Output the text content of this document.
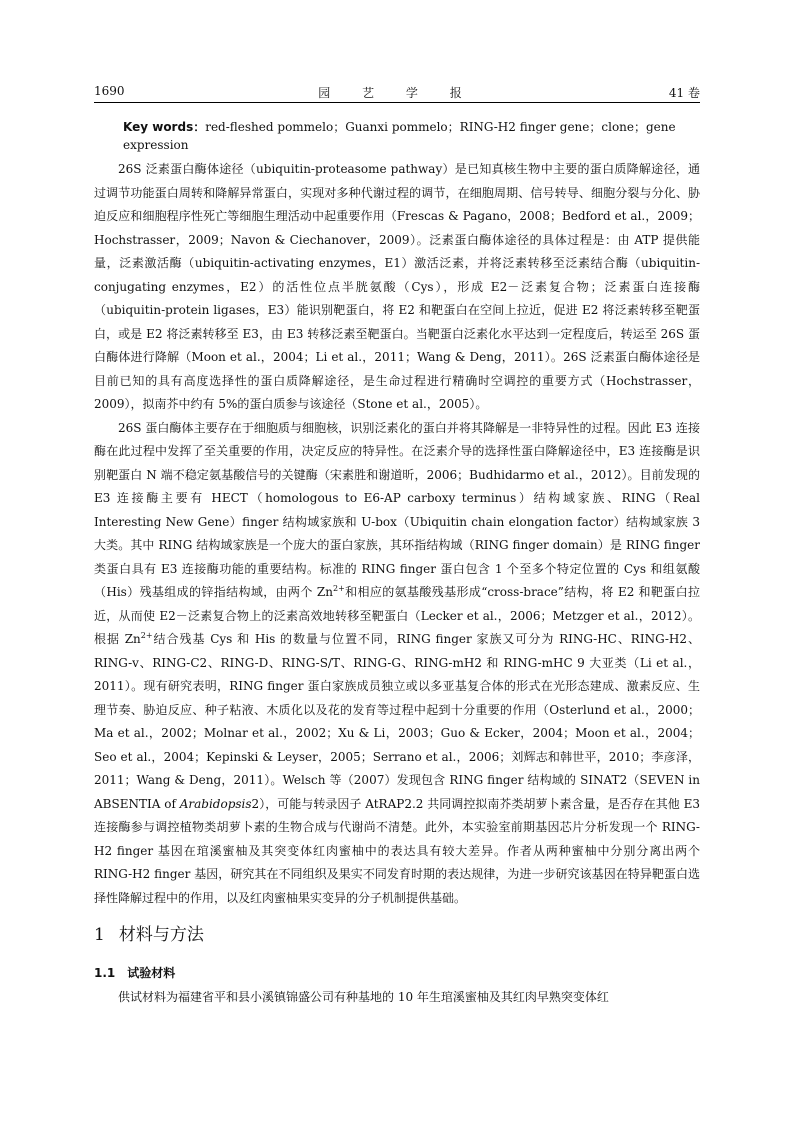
1690	园 艺 学 报	41 卷
Key words：red-fleshed pommelo；Guanxi pommelo；RING-H2 finger gene；clone；gene expression

26S 泛素蛋白酶体途径（ubiquitin-proteasome pathway）是已知真核生物中主要的蛋白质降解途径，通过调节功能蛋白周转和降解异常蛋白，实现对多种代谢过程的调节，在细胞周期、信号转导、细胞分裂与分化、胁迫反应和细胞程序性死亡等细胞生理活动中起重要作用（Frescas & Pagano，2008；Bedford et al.，2009；Hochstrasser，2009；Navon & Ciechanover，2009）。泛素蛋白酶体途径的具体过程是：由 ATP 提供能量，泛素激活酶（ubiquitin-activating enzymes，E1）激活泛素，并将泛素转移至泛素结合酶（ubiquitin-conjugating enzymes，E2）的活性位点半胱氨酸（Cys），形成 E2－泛素复合物；泛素蛋白连接酶（ubiquitin-protein ligases，E3）能识别靶蛋白，将 E2 和靶蛋白在空间上拉近，促进 E2 将泛素转移至靶蛋白，或是 E2 将泛素转移至 E3，由 E3 转移泛素至靶蛋白。当靶蛋白泛素化水平达到一定程度后，转运至 26S 蛋白酶体进行降解（Moon et al.，2004；Li et al.，2011；Wang & Deng，2011）。26S 泛素蛋白酶体途径是目前已知的具有高度选择性的蛋白质降解途径，是生命过程进行精确时空调控的重要方式（Hochstrasser，2009），拟南芥中约有 5%的蛋白质参与该途径（Stone et al.，2005）。

26S 蛋白酶体主要存在于细胞质与细胞核，识别泛素化的蛋白并将其降解是一非特异性的过程。因此 E3 连接酶在此过程中发挥了至关重要的作用，决定反应的特异性。在泛素介导的选择性蛋白降解途径中，E3 连接酶是识别靶蛋白 N 端不稳定氨基酸信号的关键酶（宋素胜和谢道昕，2006；Budhidarmo et al.，2012）。目前发现的 E3 连接酶主要有 HECT（homologous to E6-AP carboxy terminus）结构域家族、RING（Real Interesting New Gene）finger 结构域家族和 U-box（Ubiquitin chain elongation factor）结构域家族 3 大类。其中 RING 结构域家族是一个庞大的蛋白家族，其环指结构域（RING finger domain）是 RING finger 类蛋白具有 E3 连接酶功能的重要结构。标准的 RING finger 蛋白包含 1 个至多个特定位置的 Cys 和组氨酸（His）残基组成的锌指结构域，由两个 $Zn^{2+}$和相应的氨基酸残基形成“cross-brace”结构，将 E2 和靶蛋白拉近，从而使 E2－泛素复合物上的泛素高效地转移至靶蛋白（Lecker et al.，2006；Metzger et al.，2012）。根据 $Zn^{2+}$结合残基 Cys 和 His 的数量与位置不同，RING finger 家族又可分为 RING-HC、RING-H2、RING-v、RING-C2、RING-D、RING-S/T、RING-G、RING-mH2 和 RING-mHC 9 大亚类（Li et al.，2011）。现有研究表明，RING finger 蛋白家族成员独立或以多亚基复合体的形式在光形态建成、激素反应、生理节奏、胁迫反应、种子粘液、木质化以及花的发育等过程中起到十分重要的作用（Osterlund et al.，2000；Ma et al.，2002；Molnar et al.，2002；Xu & Li，2003；Guo & Ecker，2004；Moon et al.，2004；Seo et al.，2004；Kepinski & Leyser，2005；Serrano et al.，2006；刘辉志和韩世平，2010；李彦泽，2011；Wang & Deng，2011）。Welsch 等（2007）发现包含 RING finger 结构域的 SINAT2（SEVEN in ABSENTIA of Arabidopsis2），可能与转录因子 AtRAP2.2 共同调控拟南芥类胡萝卜素含量，是否存在其他 E3 连接酶参与调控植物类胡萝卜素的生物合成与代谢尚不清楚。此外，本实验室前期基因芯片分析发现一个 RING-H2 finger 基因在琯溪蜜柚及其突变体红肉蜜柚中的表达具有较大差异。作者从两种蜜柚中分别分离出两个 RING-H2 finger 基因，研究其在不同组织及果实不同发育时期的表达规律，为进一步研究该基因在特异靶蛋白选择性降解过程中的作用，以及红肉蜜柚果实变异的分子机制提供基础。

1 材料与方法
1.1 试验材料
供试材料为福建省平和县小溪镇锦盛公司有种基地的 10 年生琯溪蜜柚及其红肉早熟突变体红
